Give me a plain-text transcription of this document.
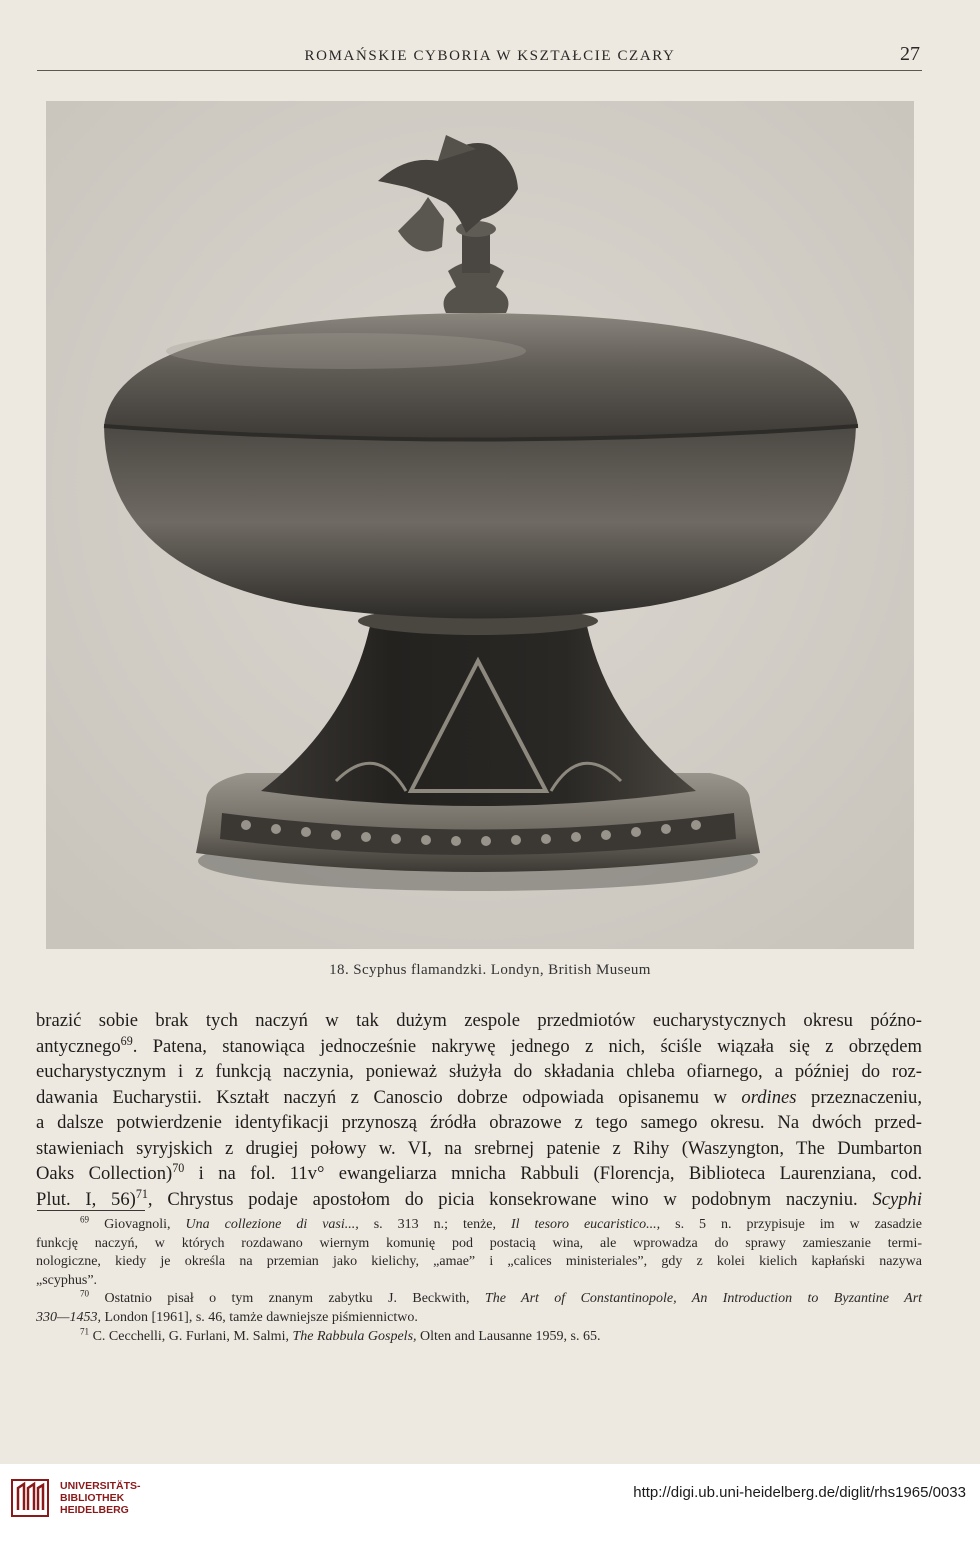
ROMAŃSKIE CYBORIA W KSZTAŁCIE CZARY	27
18. Scyphus flamandzki. Londyn, British Museum
brazić sobie brak tych naczyń w tak dużym zespole przedmiotów eucharystycznych okresu późno-
antycznego$^{69}$. Patena, stanowiąca jednocześnie nakrywę jednego z nich, ściśle wiązała się z obrzędem
eucharystycznym i z funkcją naczynia, ponieważ służyła do składania chleba ofiarnego, a później do roz-
dawania Eucharystii. Kształt naczyń z Canoscio dobrze odpowiada opisanemu w ordines przeznaczeniu,
a dalsze potwierdzenie identyfikacji przynoszą źródła obrazowe z tego samego okresu. Na dwóch przed-
stawieniach syryjskich z drugiej połowy w. VI, na srebrnej patenie z Rihy (Waszyngton, The Dumbarton
Oaks Collection)$^{70}$ i na fol. 11v° ewangeliarza mnicha Rabbuli (Florencja, Biblioteca Laurenziana, cod.
Plut. I, 56)$^{71}$, Chrystus podaje apostołom do picia konsekrowane wino w podobnym naczyniu. Scyphi
$^{69}$ Giovagnoli, Una collezione di vasi..., s. 313 n.; tenże, Il tesoro eucaristico..., s. 5 n. przypisuje im w zasadzie
funkcję naczyń, w których rozdawano wiernym komunię pod postacią wina, ale wprowadza do sprawy zamieszanie termi-
nologiczne, kiedy je określa na przemian jako kielichy, „amae” i „calices ministeriales”, gdy z kolei kielich kapłański nazywa
„scyphus”.
$^{70}$ Ostatnio pisał o tym znanym zabytku J. Beckwith, The Art of Constantinopole, An Introduction to Byzantine Art
330—1453, London [1961], s. 46, tamże dawniejsze piśmiennictwo.
$^{71}$ C. Cecchelli, G. Furlani, M. Salmi, The Rabbula Gospels, Olten and Lausanne 1959, s. 65.
UNIVERSITÄTS-
BIBLIOTHEK
HEIDELBERG
http://digi.ub.uni-heidelberg.de/diglit/rhs1965/0033
